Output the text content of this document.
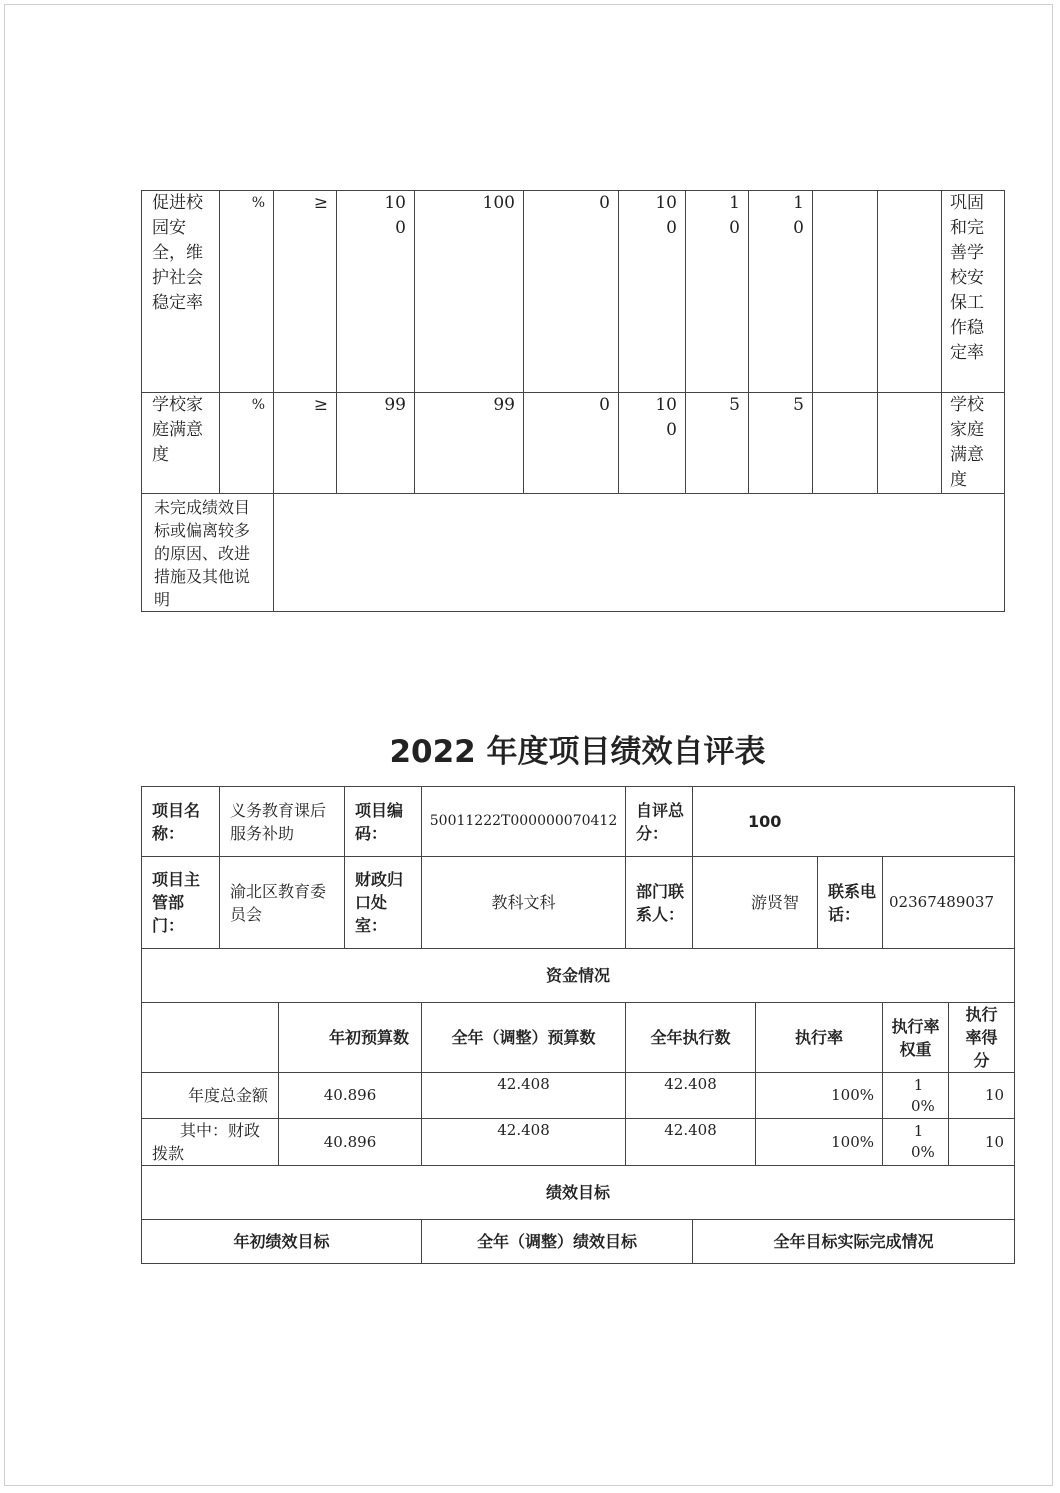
促进校园安全，维护社会稳定率	%	≥	100	100	0	100	10	10			巩固和完善学校安保工作稳定率
学校家庭满意度	%	≥	99	99	0	100	5	5			学校家庭满意度
未完成绩效目标或偏离较多的原因、改进措施及其他说明											
2022 年度项目绩效自评表
项目名称：	义务教育课后服务补助		项目编码：	50011222T000000070412	自评总分：	100				
项目主管部门：	渝北区教育委员会		财政归口处室：	教科文科	部门联系人：	游贤智		联系电话：	02367489037	
资金情况										
		年初预算数		全年（调整）预算数	全年执行数		执行率		执行率权重	执行率得分
年度总金额		40.896		42.408	42.408		100%		10%	10
其中：财政拨款		40.896		42.408	42.408		100%		10%	10
绩效目标										
年初绩效目标				全年（调整）绩效目标		全年目标实际完成情况				
